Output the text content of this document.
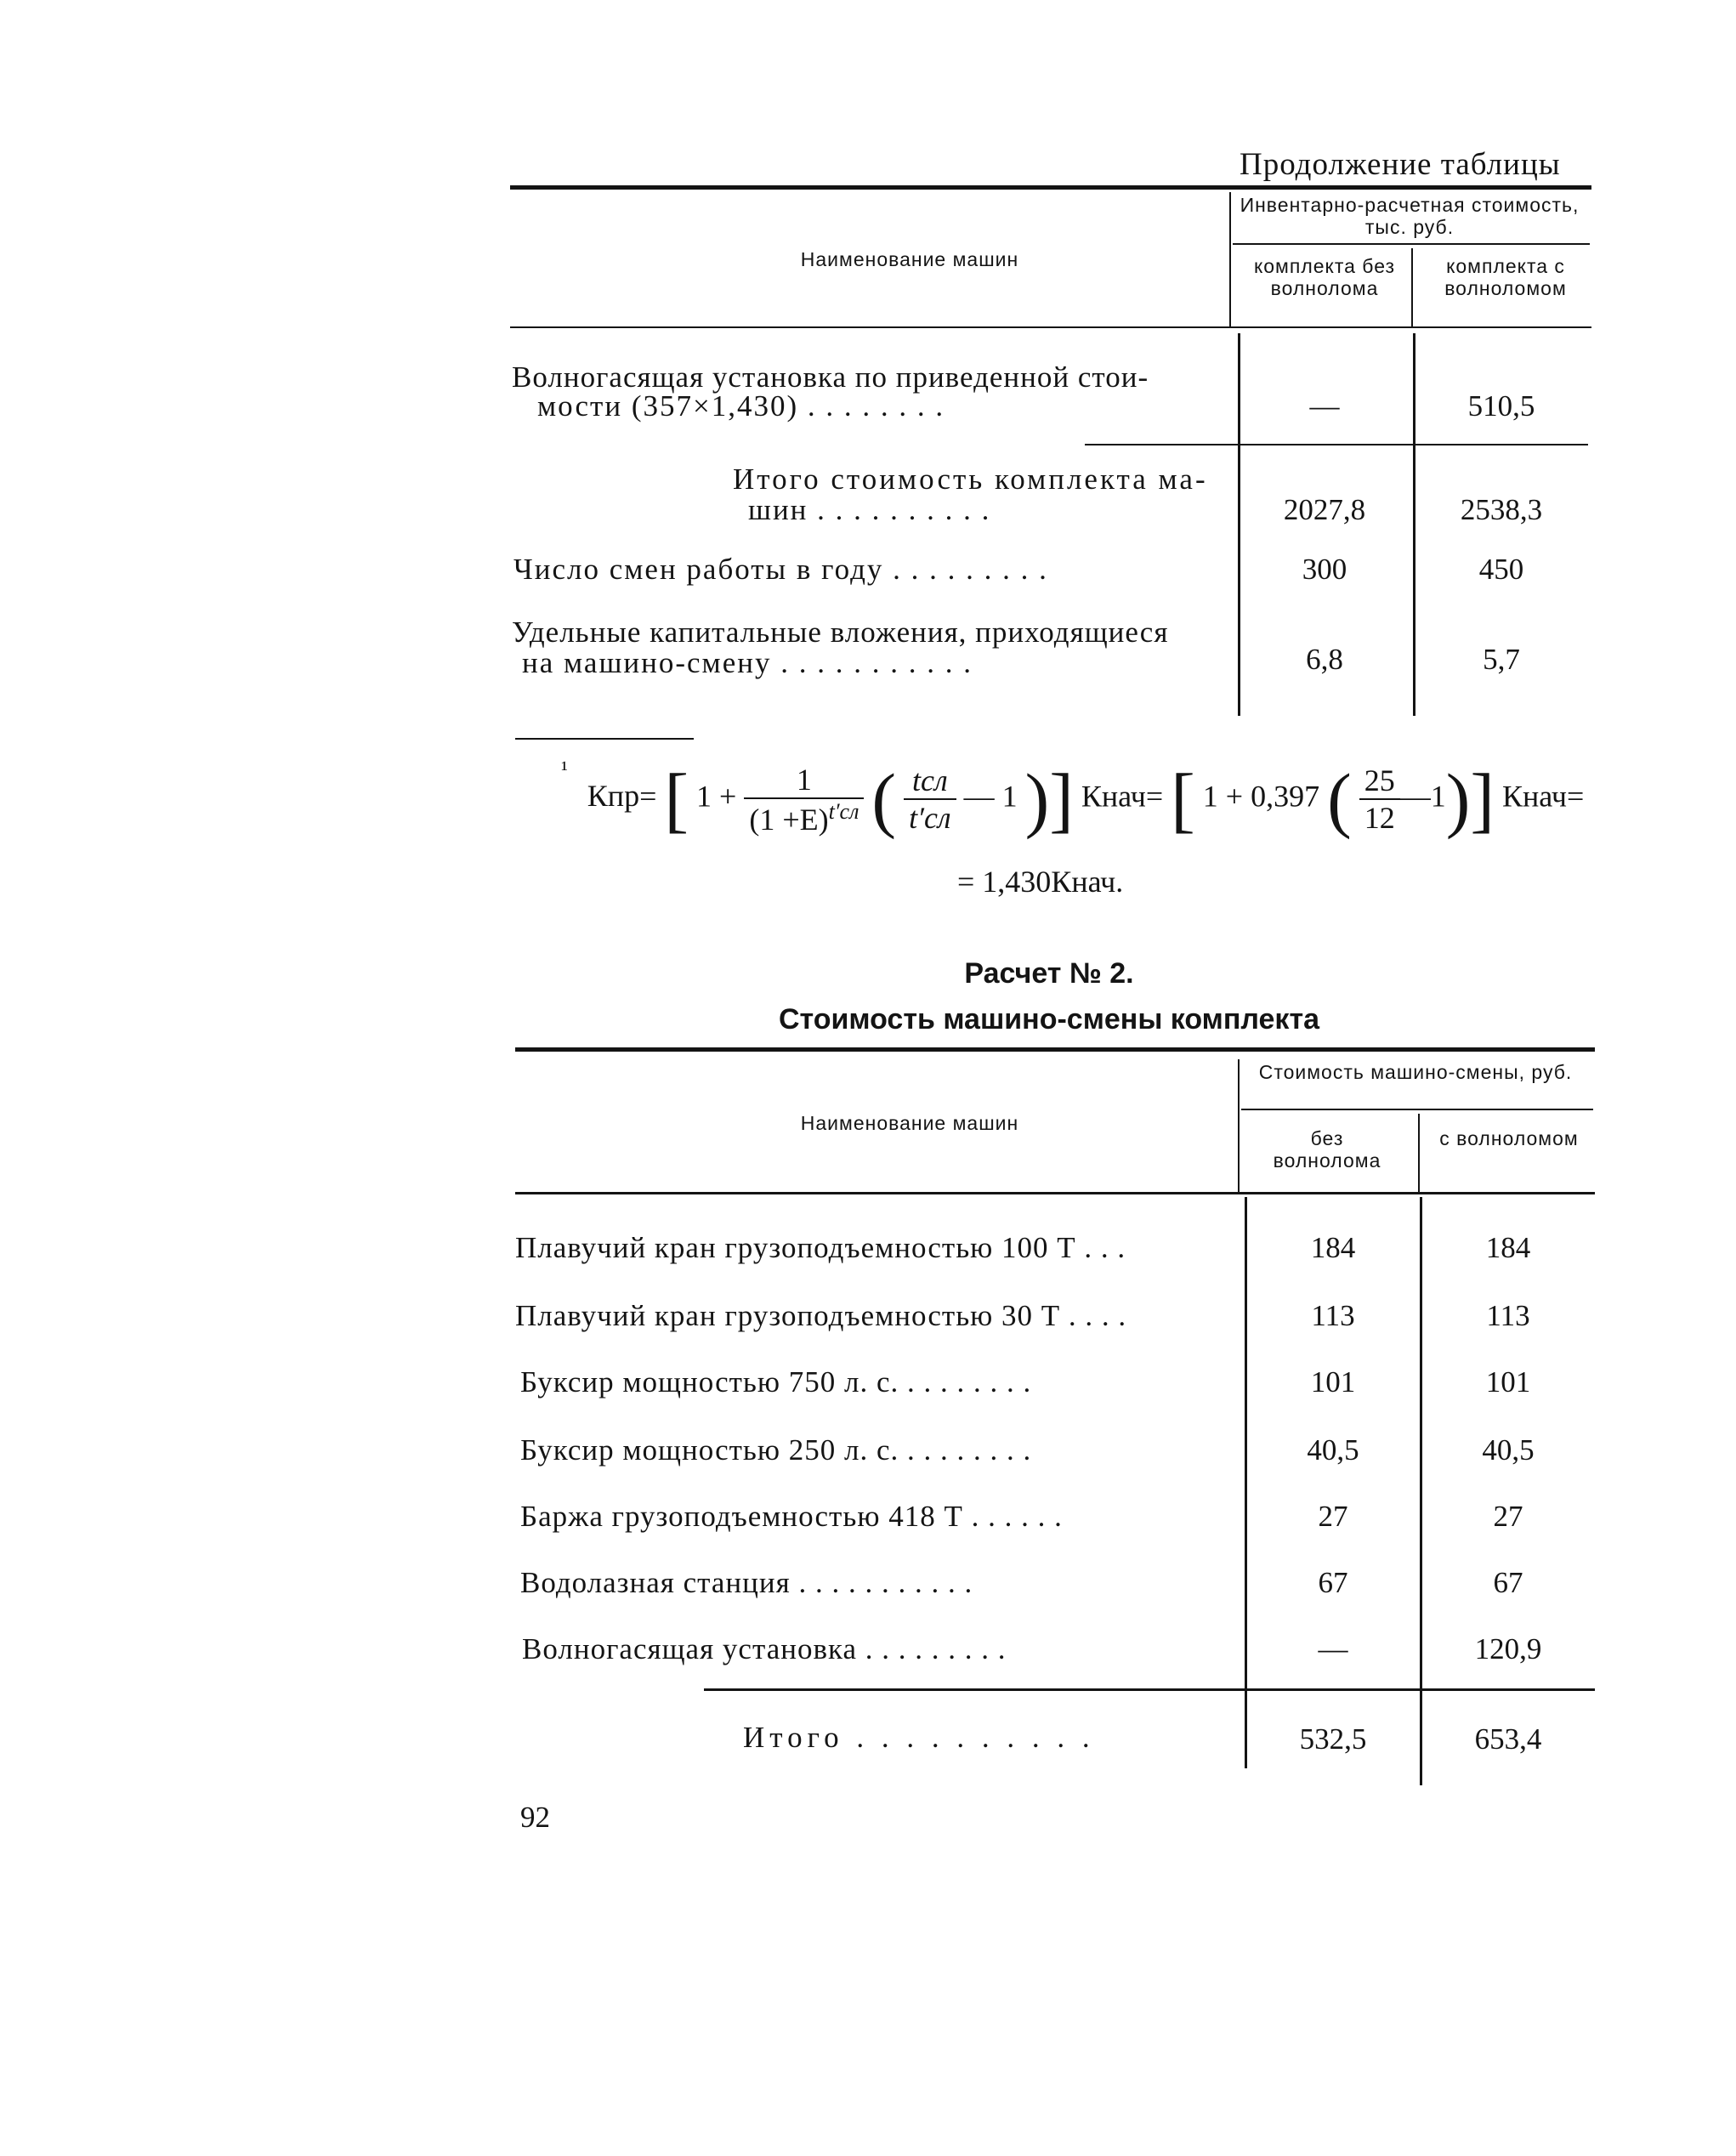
Продолжение таблицы
Наименование машин
Инвентарно-расчетная стоимость, тыс. руб.
комплекта без волнолома
комплекта с волноломом
Волногасящая установка по приведенной стои-
мости (357×1,430) . . . . . . . .	—	510,5
Итого стоимость комплекта ма-
шин . . . . . . . . . .	2027,8	2538,3
Число смен работы в году . . . . . . . . .	300	450
Удельные капитальные вложения, приходящиеся
на машино-смену . . . . . . . . . . .	6,8	5,7
$^{^1}$ Кпр= [ $1 + \frac{1}{(1 +Е)^{t'сл}}$ ( $\frac{\text{tсл}}{t'сл}$ — 1 )] Кнач= [ 1 + 0,397 ( $\frac{25}{12}$ —1)] Кнач=
= 1,430Кнач.
Расчет № 2.
Стоимость машино-смены комплекта
Наименование машин
Стоимость машино-смены, руб.
без волнолома
с волноломом
Плавучий кран грузоподъемностью 100 Т . . .	184	184
Плавучий кран грузоподъемностью 30 Т . . . .	113	113
Буксир мощностью 750 л. с. . . . . . . . .	101	101
Буксир мощностью 250 л. с. . . . . . . . .	40,5	40,5
Баржа грузоподъемностью 418 Т . . . . . .	27	27
Водолазная станция . . . . . . . . . . .	67	67
Волногасящая установка . . . . . . . . .	—	120,9
Итого . . . . . . . . . .	532,5	653,4
92
